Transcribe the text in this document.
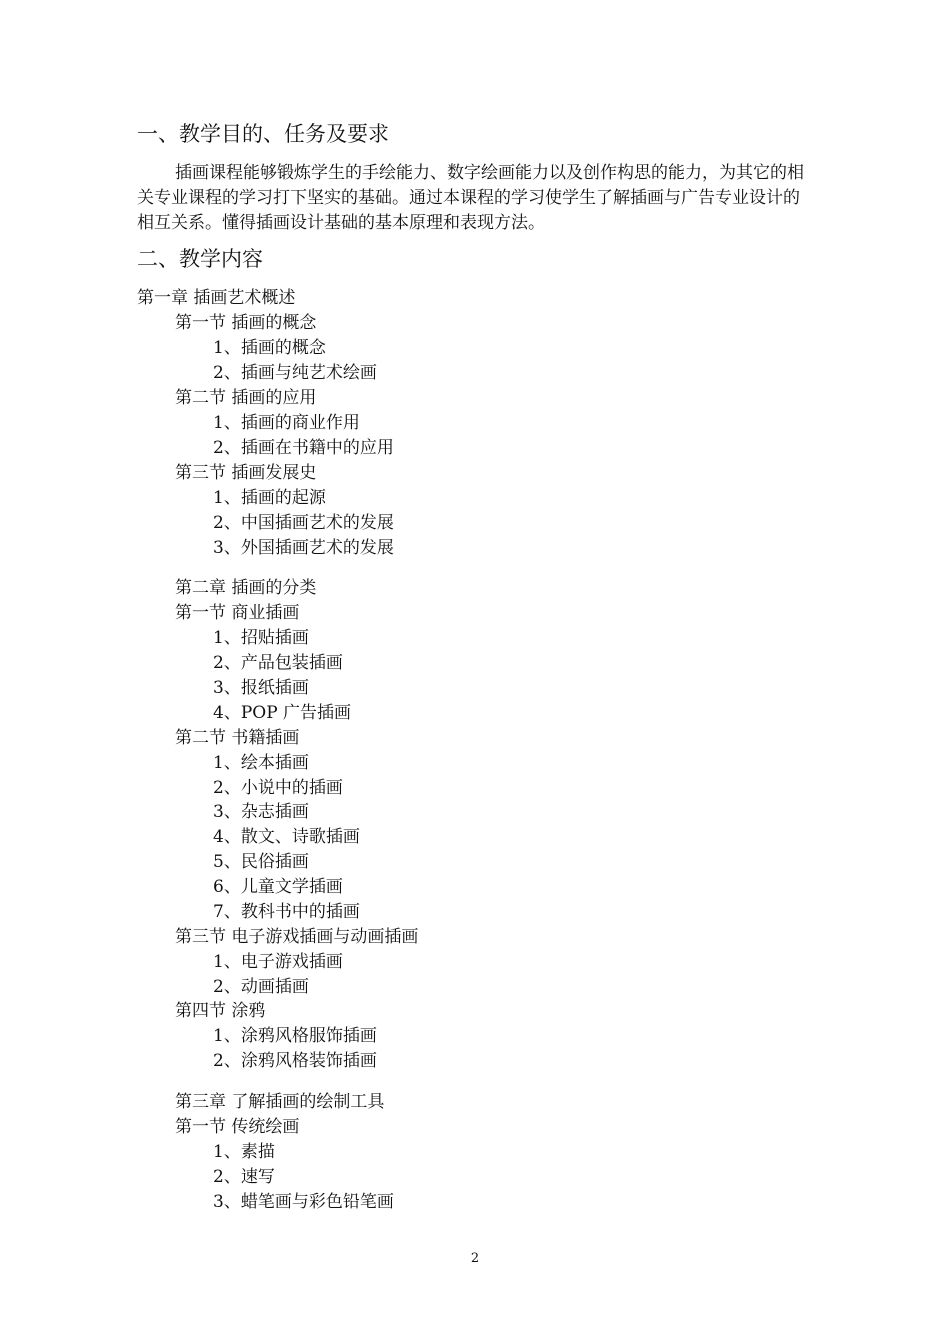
一、教学目的、任务及要求

插画课程能够锻炼学生的手绘能力、数字绘画能力以及创作构思的能力，为其它的相关专业课程的学习打下坚实的基础。通过本课程的学习使学生了解插画与广告专业设计的相互关系。懂得插画设计基础的基本原理和表现方法。

二、教学内容
第一章 插画艺术概述
第一节 插画的概念
1、插画的概念
2、插画与纯艺术绘画
第二节 插画的应用
1、插画的商业作用
2、插画在书籍中的应用
第三节 插画发展史
1、插画的起源
2、中国插画艺术的发展
3、外国插画艺术的发展
第二章 插画的分类
第一节 商业插画
1、招贴插画
2、产品包装插画
3、报纸插画
4、POP 广告插画
第二节 书籍插画
1、绘本插画
2、小说中的插画
3、杂志插画
4、散文、诗歌插画
5、民俗插画
6、儿童文学插画
7、教科书中的插画
第三节 电子游戏插画与动画插画
1、电子游戏插画
2、动画插画
第四节 涂鸦
1、涂鸦风格服饰插画
2、涂鸦风格装饰插画
第三章 了解插画的绘制工具
第一节 传统绘画
1、素描
2、速写
3、蜡笔画与彩色铅笔画
2
